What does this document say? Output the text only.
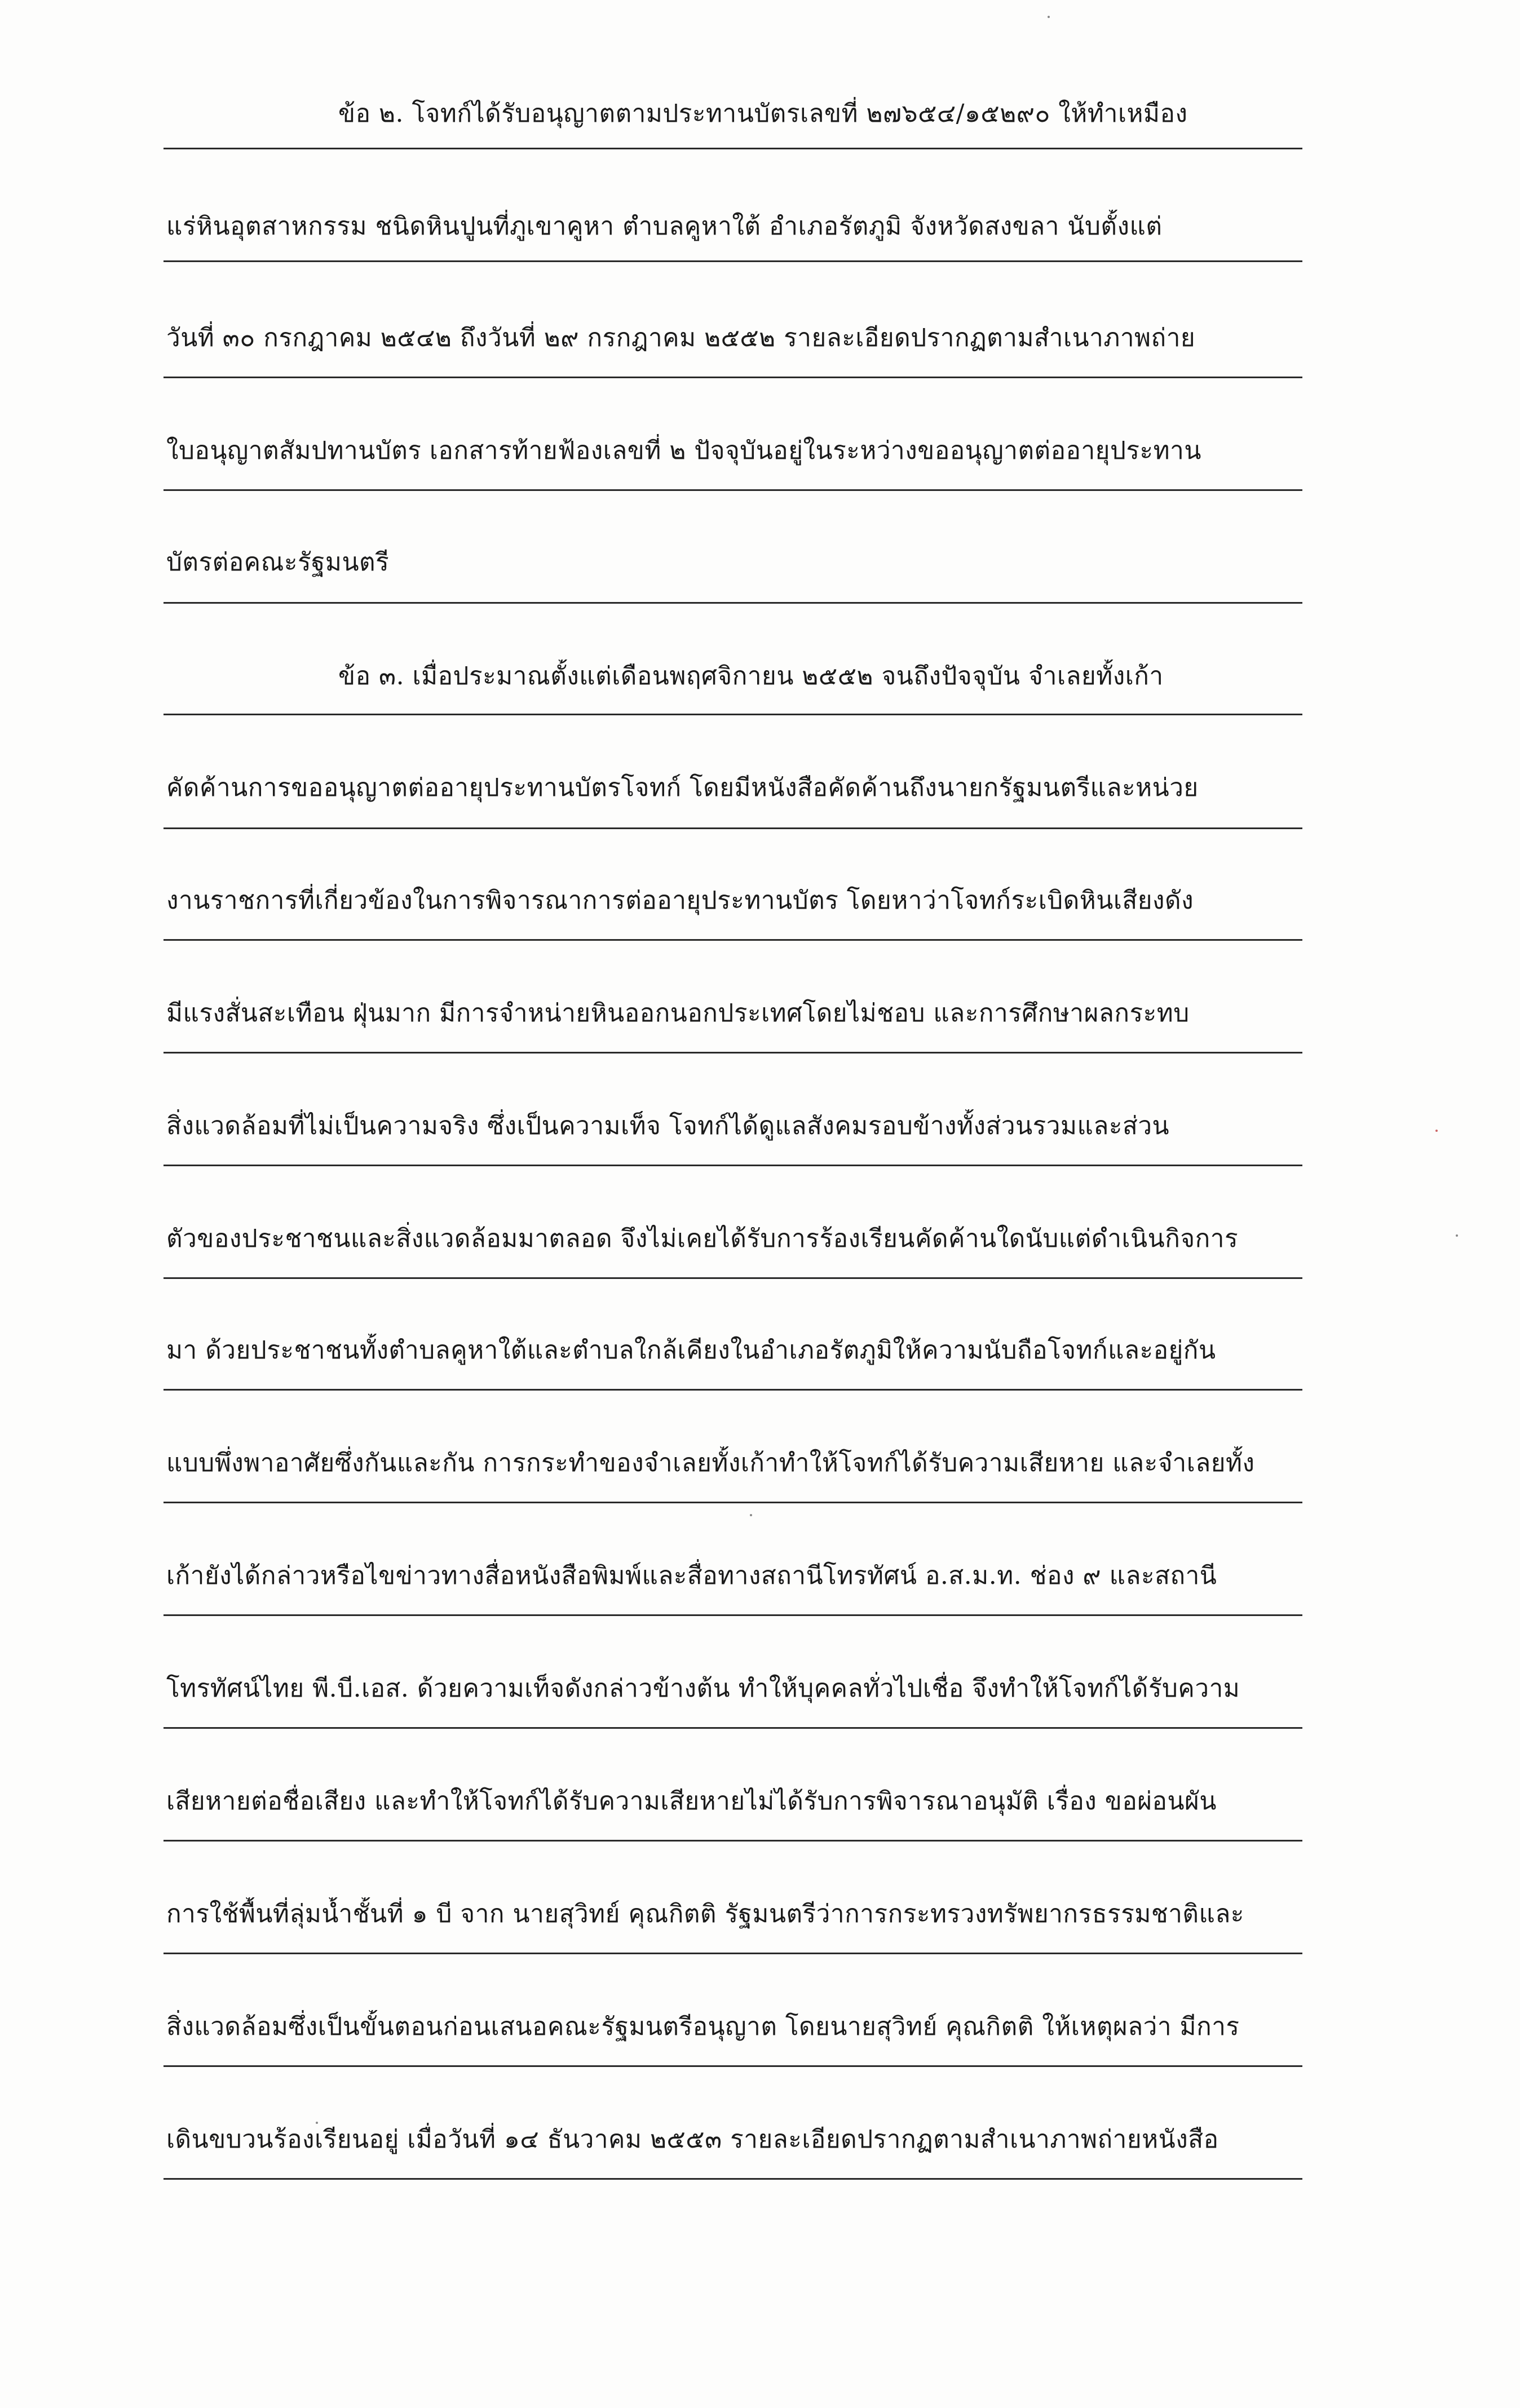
ข้อ ๒. โจทก์ได้รับอนุญาตตามประทานบัตรเลขที่ ๒๗๖๕๔/๑๕๒๙๐ ให้ทำเหมือง
แร่หินอุตสาหกรรม ชนิดหินปูนที่ภูเขาคูหา ตำบลคูหาใต้ อำเภอรัตภูมิ จังหวัดสงขลา นับตั้งแต่
วันที่ ๓๐ กรกฎาคม ๒๕๔๒ ถึงวันที่ ๒๙ กรกฎาคม ๒๕๕๒ รายละเอียดปรากฏตามสำเนาภาพถ่าย
ใบอนุญาตสัมปทานบัตร เอกสารท้ายฟ้องเลขที่ ๒ ปัจจุบันอยู่ในระหว่างขออนุญาตต่ออายุประทาน
บัตรต่อคณะรัฐมนตรี
ข้อ ๓. เมื่อประมาณตั้งแต่เดือนพฤศจิกายน ๒๕๕๒ จนถึงปัจจุบัน จำเลยทั้งเก้า
คัดค้านการขออนุญาตต่ออายุประทานบัตรโจทก์ โดยมีหนังสือคัดค้านถึงนายกรัฐมนตรีและหน่วย
งานราชการที่เกี่ยวข้องในการพิจารณาการต่ออายุประทานบัตร โดยหาว่าโจทก์ระเบิดหินเสียงดัง
มีแรงสั่นสะเทือน ฝุ่นมาก มีการจำหน่ายหินออกนอกประเทศโดยไม่ชอบ และการศึกษาผลกระทบ
สิ่งแวดล้อมที่ไม่เป็นความจริง ซึ่งเป็นความเท็จ โจทก์ได้ดูแลสังคมรอบข้างทั้งส่วนรวมและส่วน
ตัวของประชาชนและสิ่งแวดล้อมมาตลอด จึงไม่เคยได้รับการร้องเรียนคัดค้านใดนับแต่ดำเนินกิจการ
มา ด้วยประชาชนทั้งตำบลคูหาใต้และตำบลใกล้เคียงในอำเภอรัตภูมิให้ความนับถือโจทก์และอยู่กัน
แบบพึ่งพาอาศัยซึ่งกันและกัน การกระทำของจำเลยทั้งเก้าทำให้โจทก์ได้รับความเสียหาย และจำเลยทั้ง
เก้ายังได้กล่าวหรือไขข่าวทางสื่อหนังสือพิมพ์และสื่อทางสถานีโทรทัศน์ อ.ส.ม.ท. ช่อง ๙ และสถานี
โทรทัศน์ไทย พี.บี.เอส. ด้วยความเท็จดังกล่าวข้างต้น ทำให้บุคคลทั่วไปเชื่อ จึงทำให้โจทก์ได้รับความ
เสียหายต่อชื่อเสียง และทำให้โจทก์ได้รับความเสียหายไม่ได้รับการพิจารณาอนุมัติ เรื่อง ขอผ่อนผัน
การใช้พื้นที่ลุ่มน้ำชั้นที่ ๑ บี จาก นายสุวิทย์ คุณกิตติ รัฐมนตรีว่าการกระทรวงทรัพยากรธรรมชาติและ
สิ่งแวดล้อมซึ่งเป็นขั้นตอนก่อนเสนอคณะรัฐมนตรีอนุญาต โดยนายสุวิทย์ คุณกิตติ ให้เหตุผลว่า มีการ
เดินขบวนร้องเรียนอยู่ เมื่อวันที่ ๑๔ ธันวาคม ๒๕๕๓ รายละเอียดปรากฏตามสำเนาภาพถ่ายหนังสือ
